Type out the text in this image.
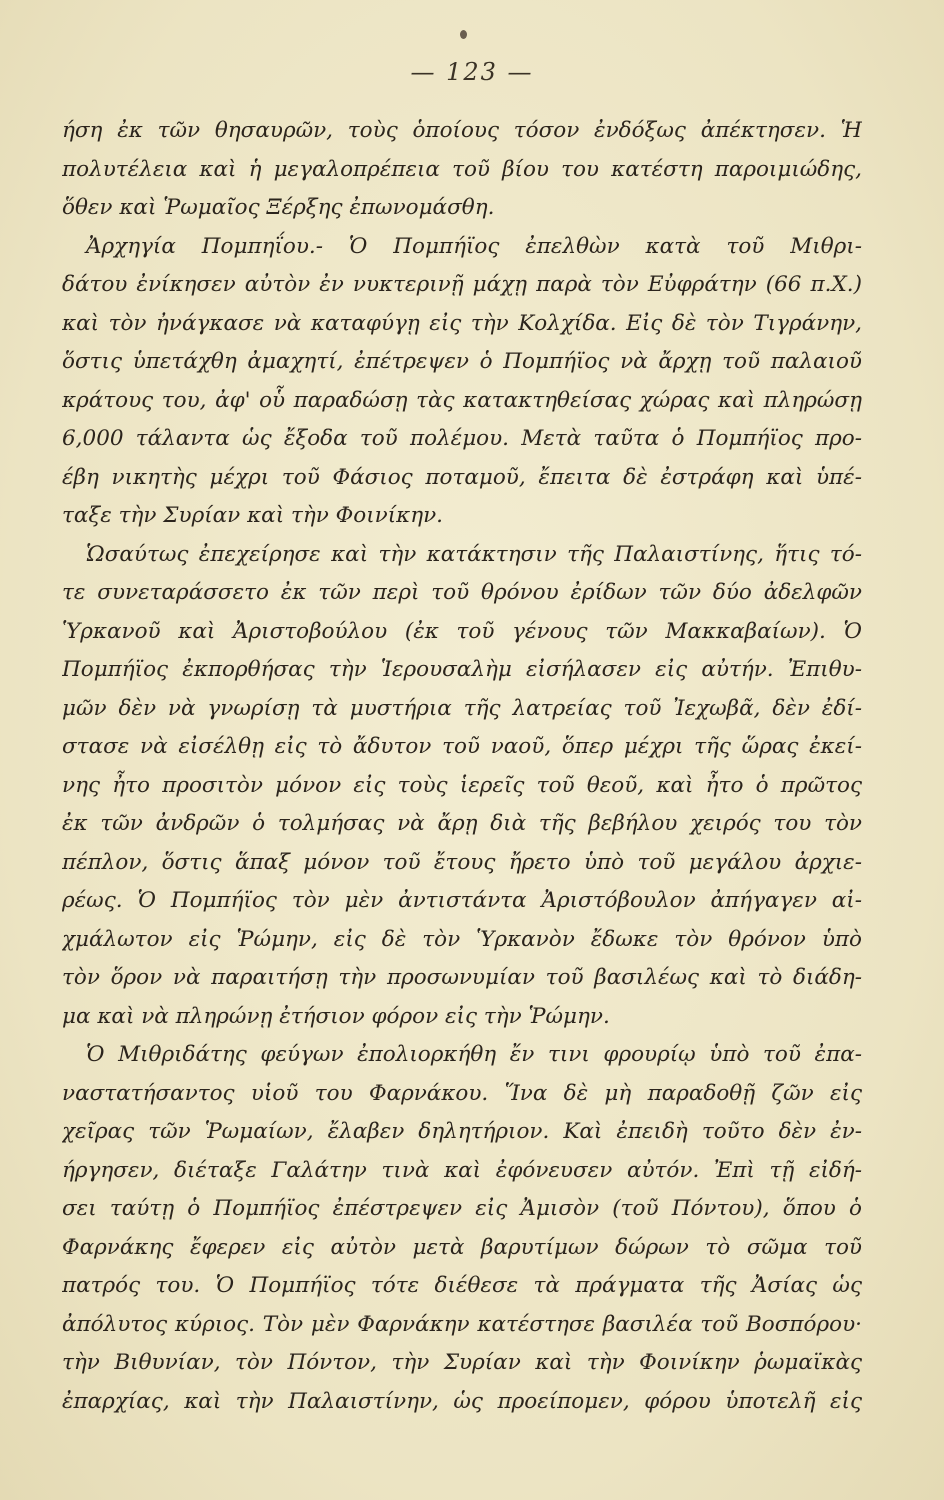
— 123 —
ήση ἐκ τῶν θησαυρῶν, τοὺς ὁποίους τόσον ἐνδόξως ἀπέκτησεν. Ἡ
πολυτέλεια καὶ ἡ μεγαλοπρέπεια τοῦ βίου του κατέστη παροιμιώδης,
ὅθεν καὶ Ῥωμαῖος Ξέρξης ἐπωνομάσθη.
Ἀρχηγία Πομπηΐου.- Ὁ Πομπήϊος ἐπελθὼν κατὰ τοῦ Μιθρι-
δάτου ἐνίκησεν αὐτὸν ἐν νυκτερινῇ μάχῃ παρὰ τὸν Εὐφράτην (66 π.Χ.)
καὶ τὸν ἠνάγκασε νὰ καταφύγῃ εἰς τὴν Κολχίδα. Εἰς δὲ τὸν Τιγράνην,
ὅστις ὑπετάχθη ἀμαχητί, ἐπέτρεψεν ὁ Πομπήϊος νὰ ἄρχῃ τοῦ παλαιοῦ
κράτους του, ἀφ' οὗ παραδώσῃ τὰς κατακτηθείσας χώρας καὶ πληρώσῃ
6,000 τάλαντα ὡς ἔξοδα τοῦ πολέμου. Μετὰ ταῦτα ὁ Πομπήϊος προ-
έβη νικητὴς μέχρι τοῦ Φάσιος ποταμοῦ, ἔπειτα δὲ ἐστράφη καὶ ὑπέ-
ταξε τὴν Συρίαν καὶ τὴν Φοινίκην.
Ὡσαύτως ἐπεχείρησε καὶ τὴν κατάκτησιν τῆς Παλαιστίνης, ἥτις τό-
τε συνεταράσσετο ἐκ τῶν περὶ τοῦ θρόνου ἐρίδων τῶν δύο ἀδελφῶν
Ὑρκανοῦ καὶ Ἀριστοβούλου (ἐκ τοῦ γένους τῶν Μακκαβαίων). Ὁ
Πομπήϊος ἐκπορθήσας τὴν Ἱερουσαλὴμ εἰσήλασεν εἰς αὐτήν. Ἐπιθυ-
μῶν δὲν νὰ γνωρίσῃ τὰ μυστήρια τῆς λατρείας τοῦ Ἰεχωβᾶ, δὲν ἐδί-
στασε νὰ εἰσέλθῃ εἰς τὸ ἄδυτον τοῦ ναοῦ, ὅπερ μέχρι τῆς ὥρας ἐκεί-
νης ἦτο προσιτὸν μόνον εἰς τοὺς ἱερεῖς τοῦ θεοῦ, καὶ ἦτο ὁ πρῶτος
ἐκ τῶν ἀνδρῶν ὁ τολμήσας νὰ ἄρῃ διὰ τῆς βεβήλου χειρός του τὸν
πέπλον, ὅστις ἅπαξ μόνον τοῦ ἔτους ἤρετο ὑπὸ τοῦ μεγάλου ἀρχιε-
ρέως. Ὁ Πομπήϊος τὸν μὲν ἀντιστάντα Ἀριστόβουλον ἀπήγαγεν αἰ-
χμάλωτον εἰς Ῥώμην, εἰς δὲ τὸν Ὑρκανὸν ἔδωκε τὸν θρόνον ὑπὸ
τὸν ὅρον νὰ παραιτήσῃ τὴν προσωνυμίαν τοῦ βασιλέως καὶ τὸ διάδη-
μα καὶ νὰ πληρώνῃ ἐτήσιον φόρον εἰς τὴν Ῥώμην.
Ὁ Μιθριδάτης φεύγων ἐπολιορκήθη ἔν τινι φρουρίῳ ὑπὸ τοῦ ἐπα-
ναστατήσαντος υἱοῦ του Φαρνάκου. Ἵνα δὲ μὴ παραδοθῇ ζῶν εἰς
χεῖρας τῶν Ῥωμαίων, ἔλαβεν δηλητήριον. Καὶ ἐπειδὴ τοῦτο δὲν ἐν-
ήργησεν, διέταξε Γαλάτην τινὰ καὶ ἐφόνευσεν αὐτόν. Ἐπὶ τῇ εἰδή-
σει ταύτῃ ὁ Πομπήϊος ἐπέστρεψεν εἰς Ἀμισὸν (τοῦ Πόντου), ὅπου ὁ
Φαρνάκης ἔφερεν εἰς αὐτὸν μετὰ βαρυτίμων δώρων τὸ σῶμα τοῦ
πατρός του. Ὁ Πομπήϊος τότε διέθεσε τὰ πράγματα τῆς Ἀσίας ὡς
ἀπόλυτος κύριος. Τὸν μὲν Φαρνάκην κατέστησε βασιλέα τοῦ Βοσπόρου·
τὴν Βιθυνίαν, τὸν Πόντον, τὴν Συρίαν καὶ τὴν Φοινίκην ῥωμαϊκὰς
ἐπαρχίας, καὶ τὴν Παλαιστίνην, ὡς προείπομεν, φόρου ὑποτελῆ εἰς
